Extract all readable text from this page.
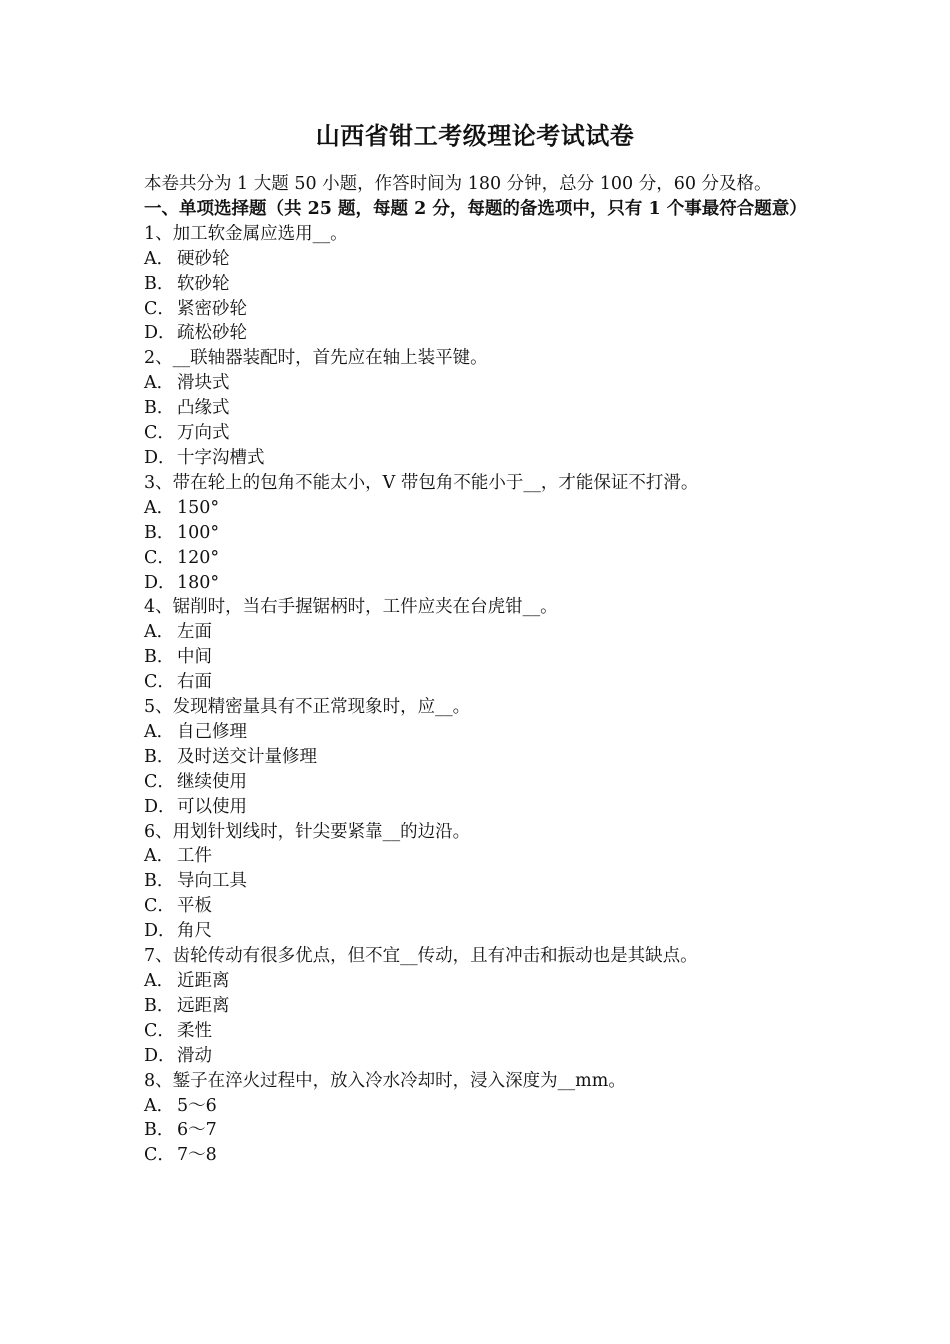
山西省钳工考级理论考试试卷
本卷共分为 1 大题 50 小题，作答时间为 180 分钟，总分 100 分，60 分及格。
一、单项选择题（共 25 题，每题 2 分，每题的备选项中，只有 1 个事最符合题意）
1、加工软金属应选用__。
A． 硬砂轮
B． 软砂轮
C． 紧密砂轮
D．疏松砂轮
2、__联轴器装配时，首先应在轴上装平键。
A． 滑块式
B． 凸缘式
C． 万向式
D．十字沟槽式
3、带在轮上的包角不能太小，V 带包角不能小于__，才能保证不打滑。
A． 150°
B． 100°
C． 120°
D．180°
4、锯削时，当右手握锯柄时，工件应夹在台虎钳__。
A． 左面
B． 中间
C． 右面
5、发现精密量具有不正常现象时，应__。
A． 自己修理
B． 及时送交计量修理
C． 继续使用
D．可以使用
6、用划针划线时，针尖要紧靠__的边沿。
A． 工件
B． 导向工具
C． 平板
D．角尺
7、齿轮传动有很多优点，但不宜__传动，且有冲击和振动也是其缺点。
A． 近距离
B． 远距离
C． 柔性
D．滑动
8、錾子在淬火过程中，放入冷水冷却时，浸入深度为__mm。
A． 5～6
B． 6～7
C． 7～8
